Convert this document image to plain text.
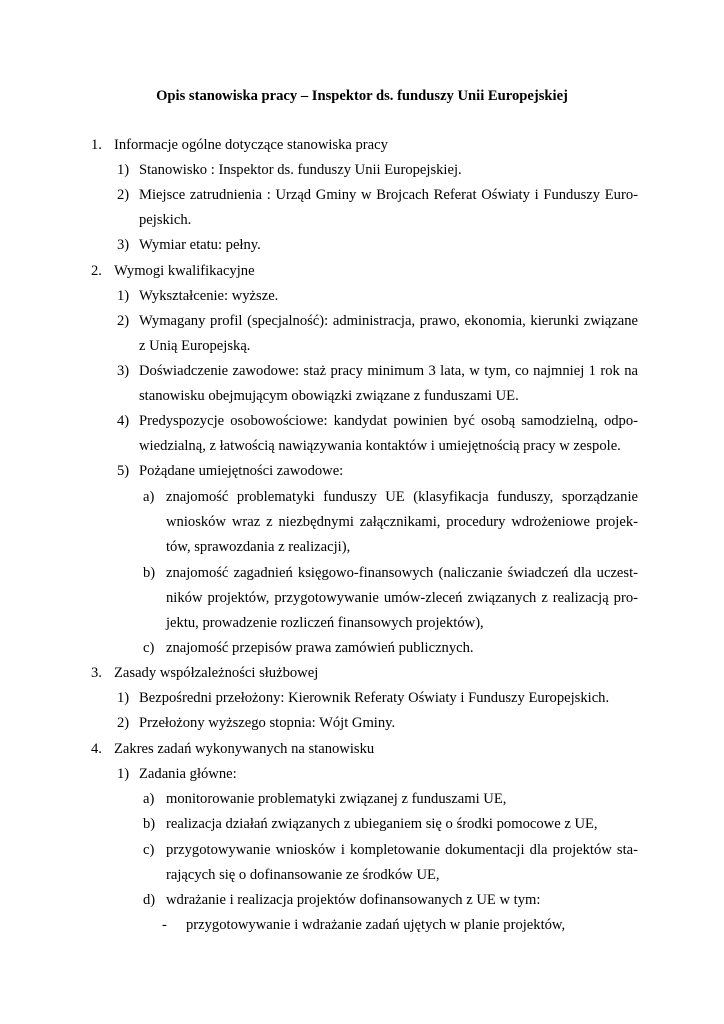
Opis stanowiska pracy – Inspektor ds. funduszy Unii Europejskiej
1. Informacje ogólne dotyczące stanowiska pracy
1) Stanowisko : Inspektor ds. funduszy Unii Europejskiej.
2) Miejsce zatrudnienia : Urząd Gminy w Brojcach Referat Oświaty i Funduszy Euro-
pejskich.
3) Wymiar etatu: pełny.
2. Wymogi kwalifikacyjne
1) Wykształcenie: wyższe.
2) Wymagany profil (specjalność): administracja, prawo, ekonomia, kierunki związane
z Unią Europejską.
3) Doświadczenie zawodowe: staż pracy minimum 3 lata, w tym, co najmniej 1 rok na
stanowisku obejmującym obowiązki związane z funduszami UE.
4) Predyspozycje osobowościowe: kandydat powinien być osobą samodzielną, odpo-
wiedzialną, z łatwością nawiązywania kontaktów i umiejętnością pracy w zespole.
5) Pożądane umiejętności zawodowe:
a) znajomość problematyki funduszy UE (klasyfikacja funduszy, sporządzanie
wniosków wraz z niezbędnymi załącznikami, procedury wdrożeniowe projek-
tów, sprawozdania z realizacji),
b) znajomość zagadnień księgowo-finansowych (naliczanie świadczeń dla uczest-
ników projektów, przygotowywanie umów-zleceń związanych z realizacją pro-
jektu, prowadzenie rozliczeń finansowych projektów),
c) znajomość przepisów prawa zamówień publicznych.
3. Zasady współzależności służbowej
1) Bezpośredni przełożony: Kierownik Referaty Oświaty i Funduszy Europejskich.
2) Przełożony wyższego stopnia: Wójt Gminy.
4. Zakres zadań wykonywanych na stanowisku
1) Zadania główne:
a) monitorowanie problematyki związanej z funduszami UE,
b) realizacja działań związanych z ubieganiem się o środki pomocowe z UE,
c) przygotowywanie wniosków i kompletowanie dokumentacji dla projektów sta-
rających się o dofinansowanie ze środków UE,
d) wdrażanie i realizacja projektów dofinansowanych z UE w tym:
- przygotowywanie i wdrażanie zadań ujętych w planie projektów,
